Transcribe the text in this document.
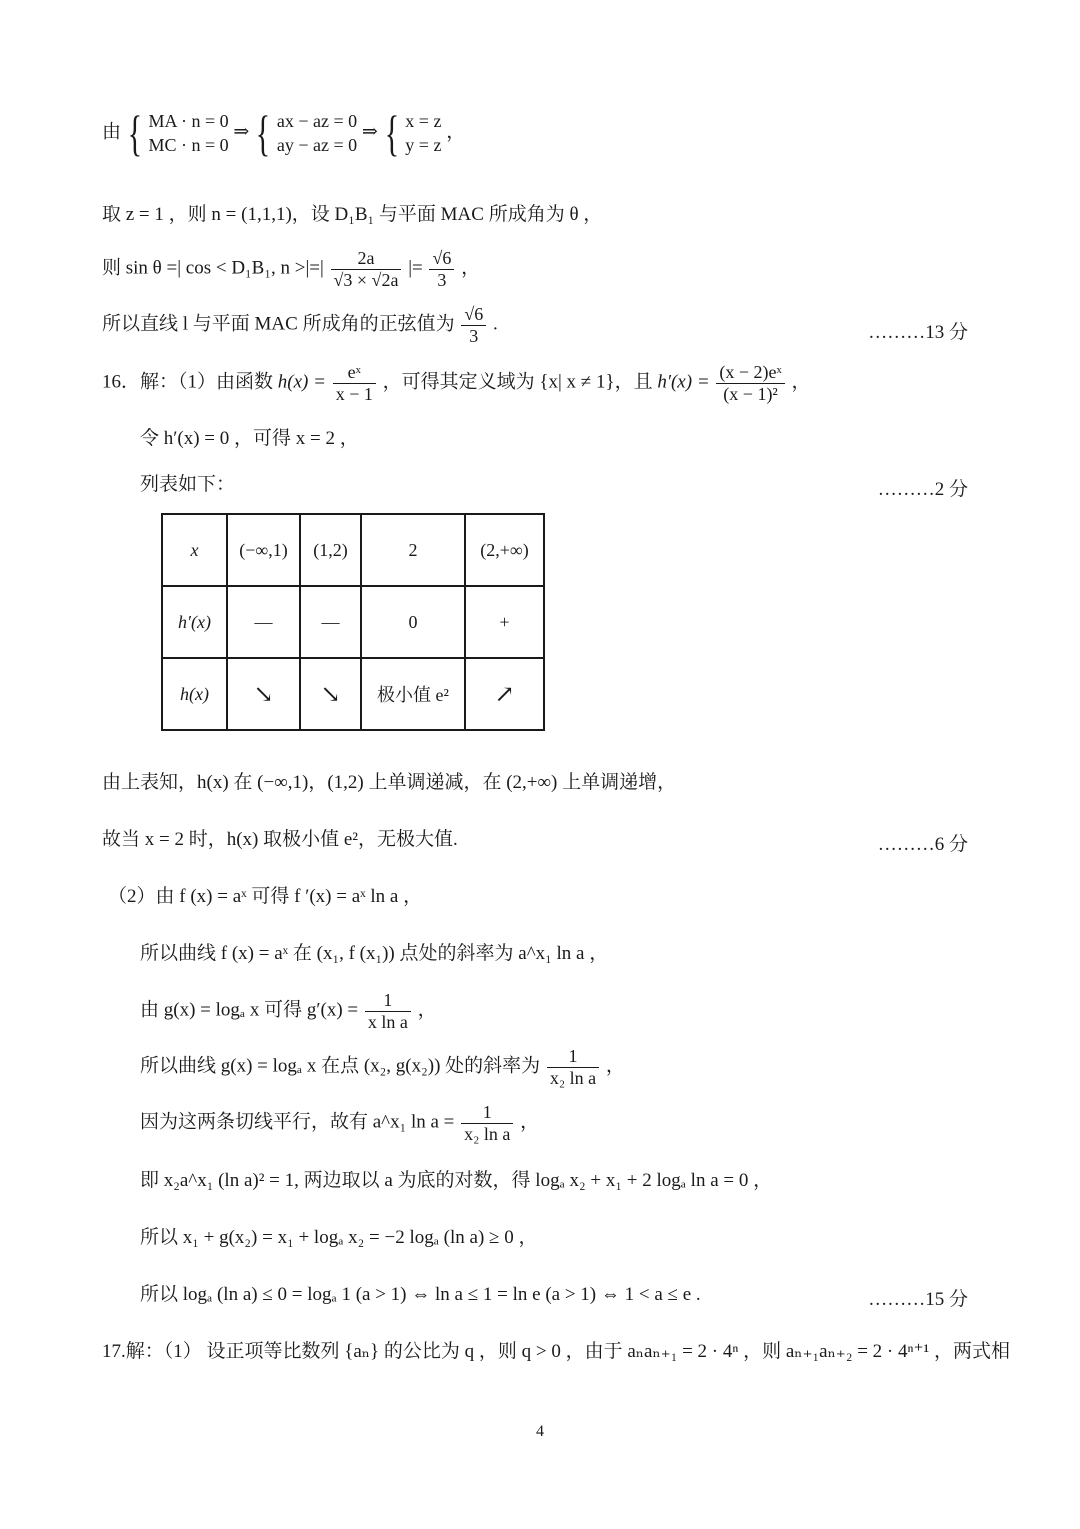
由 { MA · n = 0
MC · n = 0
⇒ { ax − az = 0
ay − az = 0
⇒ { x = z
y = z
，
取 z = 1 ，则 n = (1,1,1)，设 D₁B₁ 与平面 MAC 所成角为 θ ，
则 sin θ =| cos < D₁B₁, n >|=| $\frac{2a}{√3 \times √2a}$ |= $\frac{√6}{3}$ ，
所以直线 l 与平面 MAC 所成角的正弦值为 $\frac{√6}{3}$ .	………13 分
16．解：（1）由函数 $h(x) = \frac{\text{eˣ}}{x - 1}$ ，可得其定义域为 {x| x ≠ 1}，且 $h'(x) = \frac{\text{(x − 2)eˣ}}{\text{(x − 1)²}}$ ，
令 h′(x) = 0 ，可得 x = 2 ，
列表如下：	………2 分
x	(−∞,1)	(1,2)	2	(2,+∞)
h′(x)	—	—	0	+
h(x)	↘	↘	极小值 e²	↗
由上表知，h(x) 在 (−∞,1)，(1,2) 上单调递减，在 (2,+∞) 上单调递增，
故当 x = 2 时，h(x) 取极小值 e²，无极大值.	………6 分
（2）由 f (x) = aˣ 可得 f ′(x) = aˣ ln a ，
所以曲线 f (x) = aˣ 在 (x₁, f (x₁)) 点处的斜率为 a^x₁ ln a ，
由 g(x) = logₐ x 可得 $g'(x) = \frac{1}{\text{x ln a}}$ ，
所以曲线 g(x) = logₐ x 在点 (x₂, g(x₂)) 处的斜率为 $\frac{1}{\text{x₂ ln a}}$ ，
因为这两条切线平行，故有 a^x₁ $\ln a = \frac{1}{\text{x₂ ln a}}$ ，
即 x₂a^x₁ (ln a)² = 1, 两边取以 a 为底的对数，得 logₐ x₂ + x₁ + 2 logₐ ln a = 0 ，
所以 x₁ + g(x₂) = x₁ + logₐ x₂ = −2 logₐ (ln a) ≥ 0 ，
所以 logₐ (ln a) ≤ 0 = logₐ 1 (a > 1) ⇔ ln a ≤ 1 = ln e (a > 1) ⇔ 1 < a ≤ e .	………15 分
17.解：（1） 设正项等比数列 {aₙ} 的公比为 q ，则 q > 0 ，由于 aₙaₙ₊₁ = 2 · 4ⁿ ，则 aₙ₊₁aₙ₊₂ = 2 · 4ⁿ⁺¹ ，两式相
4
